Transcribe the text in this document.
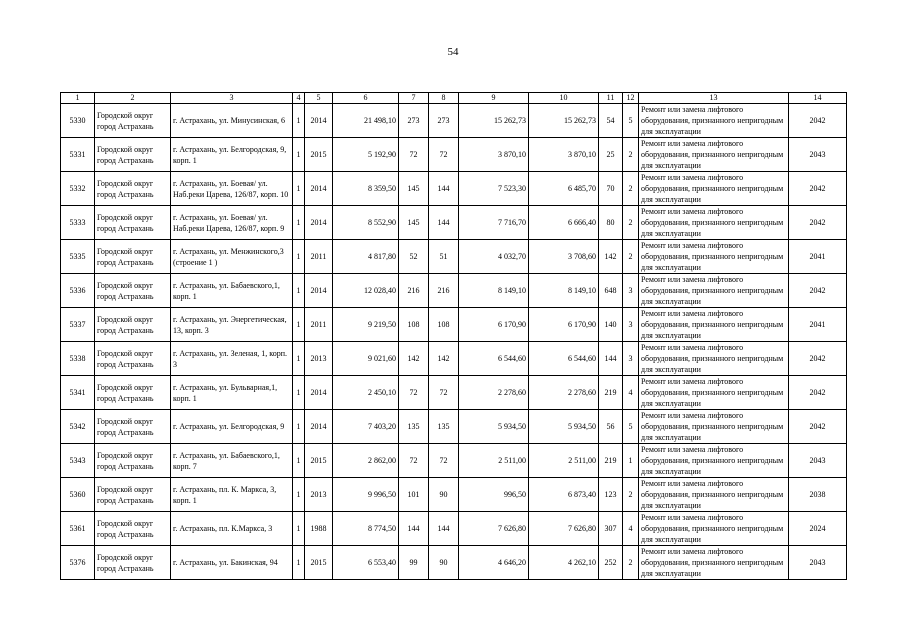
54
1	2	3	4	5	6	7	8	9	10	11	12	13	14
5330	Городской округ город Астрахань	г. Астрахань, ул. Минусинская, 6	1	2014	21 498,10	273	273	15 262,73	15 262,73	54	5	Ремонт или замена лифтового оборудования, признанного непригодным для эксплуатации	2042
5331	Городской округ город Астрахань	г. Астрахань, ул. Белгородская, 9, корп. 1	1	2015	5 192,90	72	72	3 870,10	3 870,10	25	2	Ремонт или замена лифтового оборудования, признанного непригодным для эксплуатации	2043
5332	Городской округ город Астрахань	г. Астрахань, ул. Боевая/ ул. Наб.реки Царева, 126/87, корп. 10	1	2014	8 359,50	145	144	7 523,30	6 485,70	70	2	Ремонт или замена лифтового оборудования, признанного непригодным для эксплуатации	2042
5333	Городской округ город Астрахань	г. Астрахань, ул. Боевая/ ул. Наб.реки Царева, 126/87, корп. 9	1	2014	8 552,90	145	144	7 716,70	6 666,40	80	2	Ремонт или замена лифтового оборудования, признанного непригодным для эксплуатации	2042
5335	Городской округ город Астрахань	г. Астрахань, ул. Менжинского,3 (строение 1 )	1	2011	4 817,80	52	51	4 032,70	3 708,60	142	2	Ремонт или замена лифтового оборудования, признанного непригодным для эксплуатации	2041
5336	Городской округ город Астрахань	г. Астрахань, ул. Бабаевского,1, корп. 1	1	2014	12 028,40	216	216	8 149,10	8 149,10	648	3	Ремонт или замена лифтового оборудования, признанного непригодным для эксплуатации	2042
5337	Городской округ город Астрахань	г. Астрахань, ул. Энергетическая, 13, корп. 3	1	2011	9 219,50	108	108	6 170,90	6 170,90	140	3	Ремонт или замена лифтового оборудования, признанного непригодным для эксплуатации	2041
5338	Городской округ город Астрахань	г. Астрахань, ул. Зеленая, 1, корп. 3	1	2013	9 021,60	142	142	6 544,60	6 544,60	144	3	Ремонт или замена лифтового оборудования, признанного непригодным для эксплуатации	2042
5341	Городской округ город Астрахань	г. Астрахань, ул. Бульварная,1, корп. 1	1	2014	2 450,10	72	72	2 278,60	2 278,60	219	4	Ремонт или замена лифтового оборудования, признанного непригодным для эксплуатации	2042
5342	Городской округ город Астрахань	г. Астрахань, ул. Белгородская, 9	1	2014	7 403,20	135	135	5 934,50	5 934,50	56	5	Ремонт или замена лифтового оборудования, признанного непригодным для эксплуатации	2042
5343	Городской округ город Астрахань	г. Астрахань, ул. Бабаевского,1, корп. 7	1	2015	2 862,00	72	72	2 511,00	2 511,00	219	1	Ремонт или замена лифтового оборудования, признанного непригодным для эксплуатации	2043
5360	Городской округ город Астрахань	г. Астрахань, пл. К. Маркса, 3, корп. 1	1	2013	9 996,50	101	90	996,50	6 873,40	123	2	Ремонт или замена лифтового оборудования, признанного непригодным для эксплуатации	2038
5361	Городской округ город Астрахань	г. Астрахань, пл. К.Маркса, 3	1	1988	8 774,50	144	144	7 626,80	7 626,80	307	4	Ремонт или замена лифтового оборудования, признанного непригодным для эксплуатации	2024
5376	Городской округ город Астрахань	г. Астрахань, ул. Бакинская, 94	1	2015	6 553,40	99	90	4 646,20	4 262,10	252	2	Ремонт или замена лифтового оборудования, признанного непригодным для эксплуатации	2043
